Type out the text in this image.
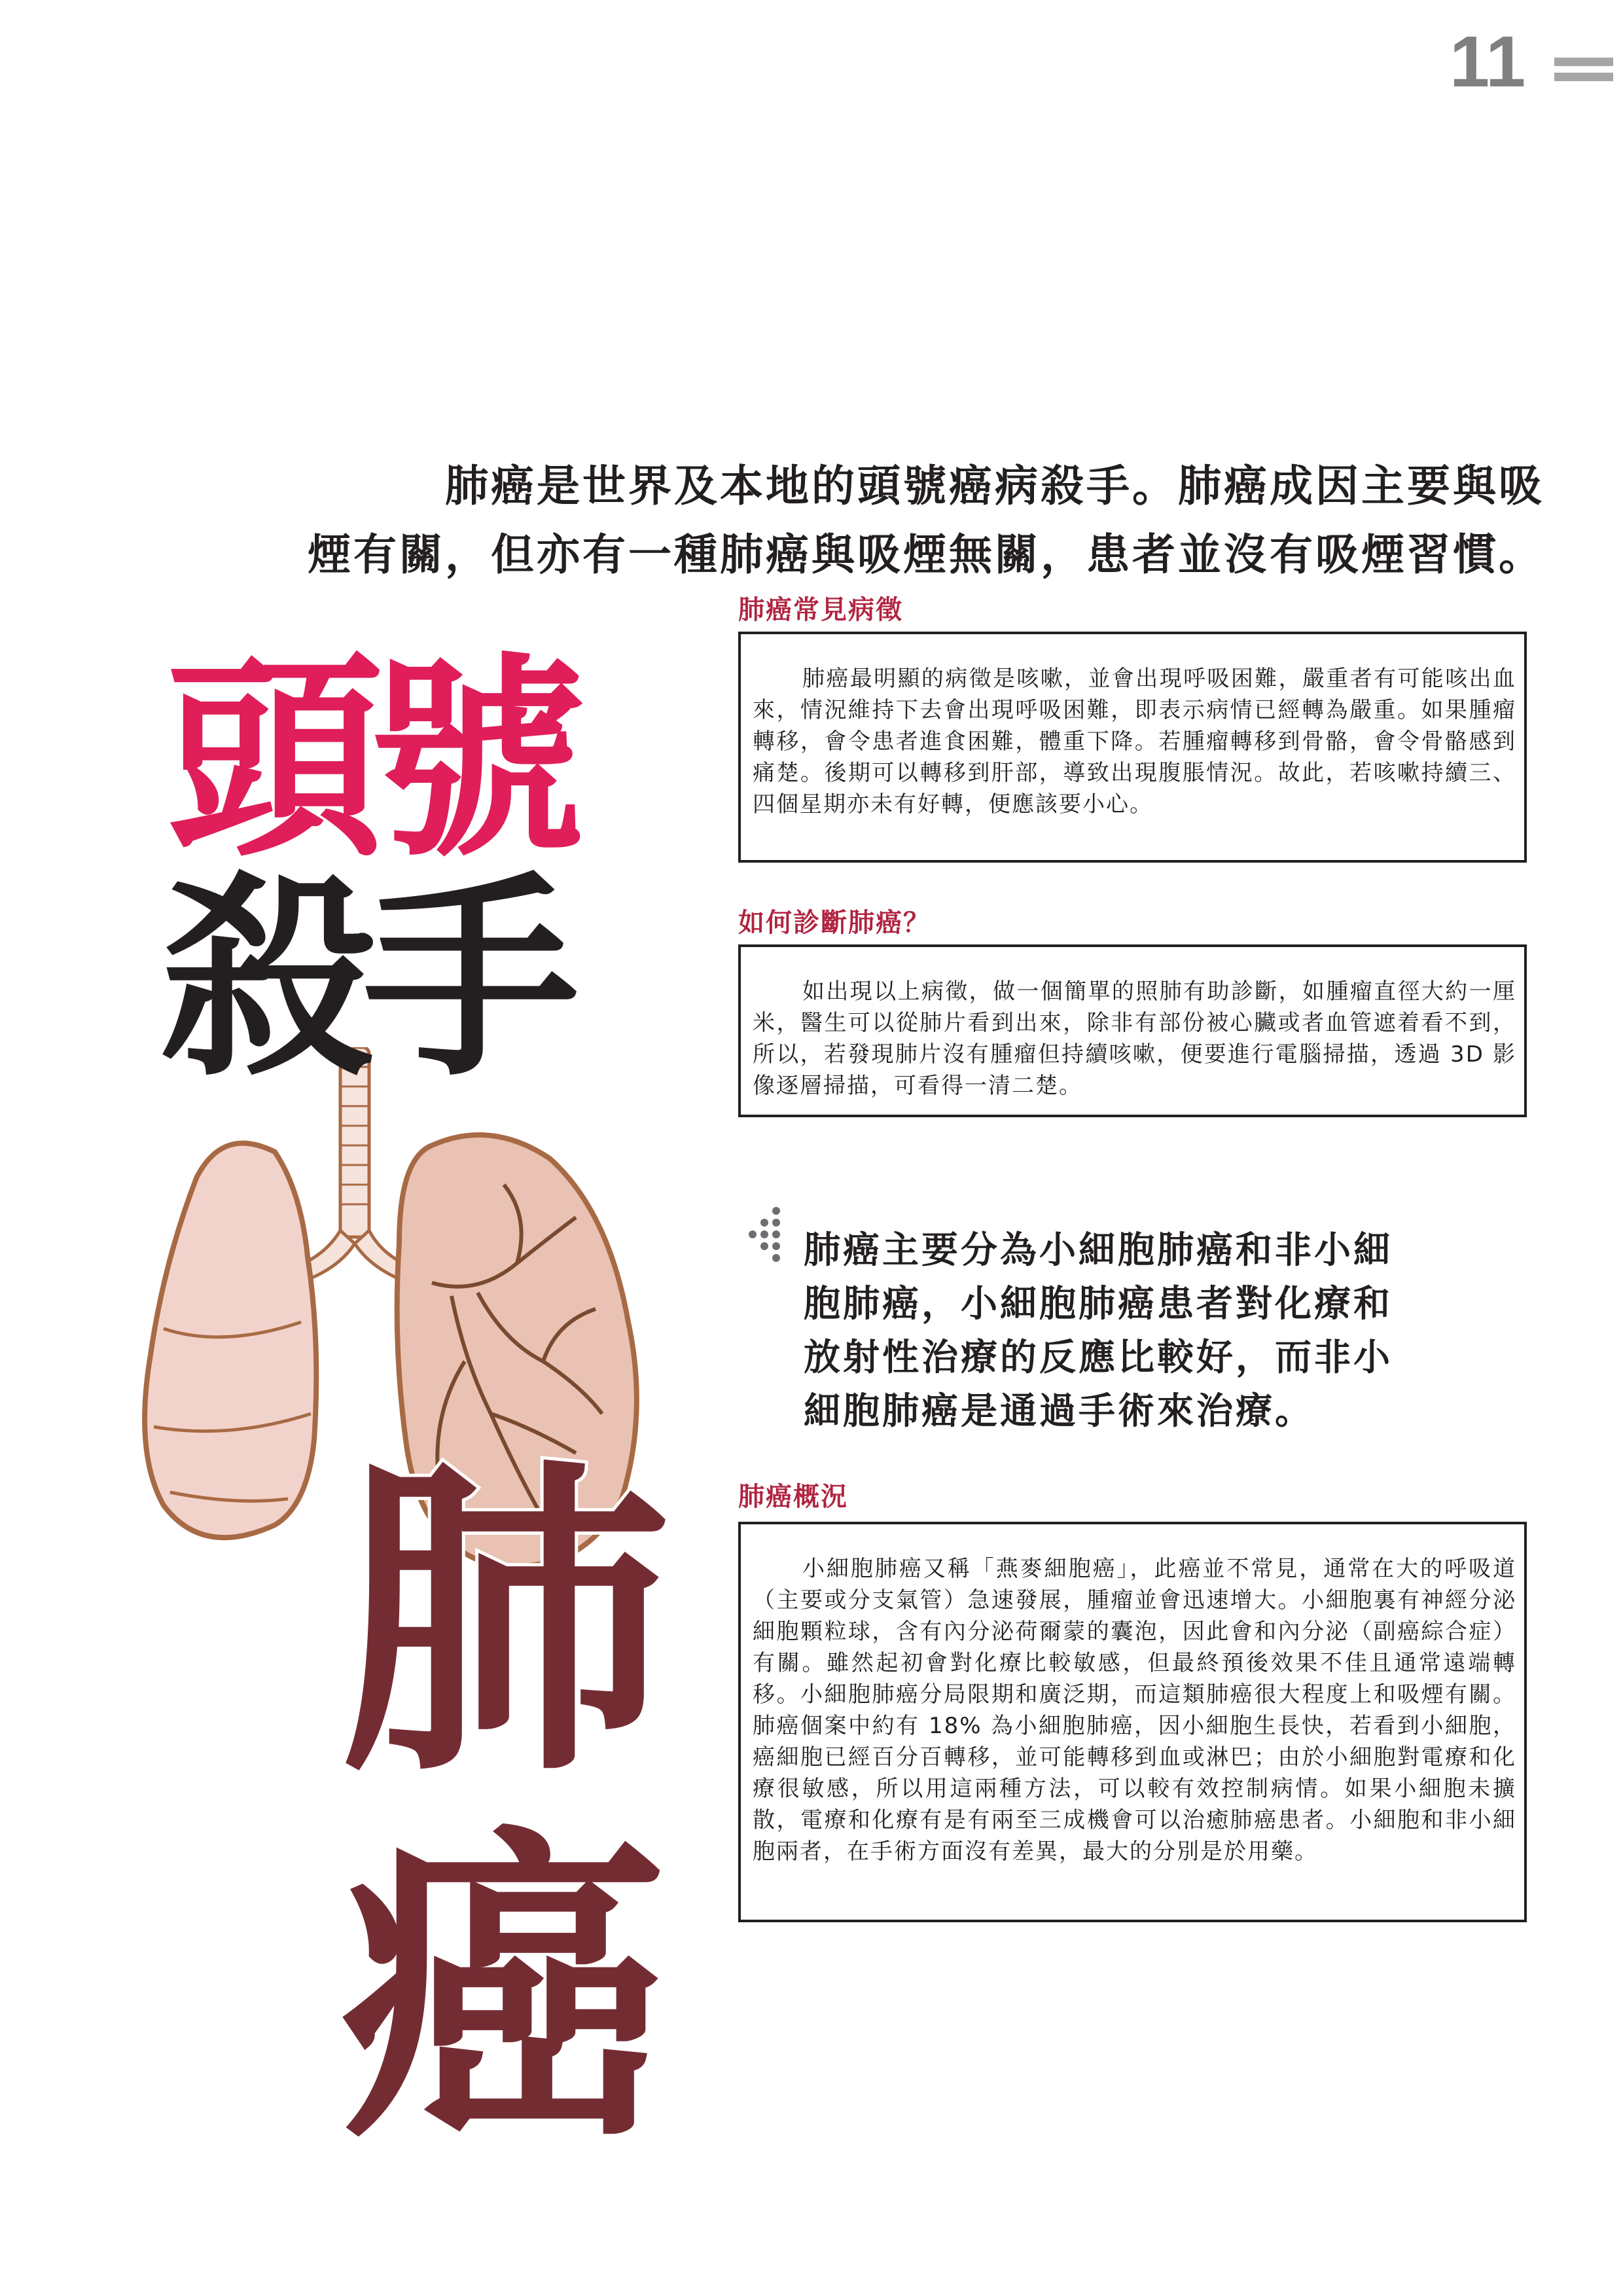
11
肺癌是世界及本地的頭號癌病殺手。肺癌成因主要與吸
煙有關，但亦有一種肺癌與吸煙無關，患者並沒有吸煙習慣。
頭號
殺手
肺
癌
肺癌常見病徵

肺癌最明顯的病徵是咳嗽，並會出現呼吸困難，嚴重者有可能咳出血來，情況維持下去會出現呼吸困難，即表示病情已經轉為嚴重。如果腫瘤轉移，會令患者進食困難，體重下降。若腫瘤轉移到骨骼，會令骨骼感到痛楚。後期可以轉移到肝部，導致出現腹脹情況。故此，若咳嗽持續三、四個星期亦未有好轉，便應該要小心。

如何診斷肺癌？

如出現以上病徵，做一個簡單的照肺有助診斷，如腫瘤直徑大約一厘米，醫生可以從肺片看到出來，除非有部份被心臟或者血管遮着看不到，所以，若發現肺片沒有腫瘤但持續咳嗽，便要進行電腦掃描，透過 3D 影像逐層掃描，可看得一清二楚。

肺癌主要分為小細胞肺癌和非小細
胞肺癌，小細胞肺癌患者對化療和
放射性治療的反應比較好，而非小
細胞肺癌是通過手術來治療。
肺癌概況

小細胞肺癌又稱「燕麥細胞癌」，此癌並不常見，通常在大的呼吸道（主要或分支氣管）急速發展，腫瘤並會迅速增大。小細胞裏有神經分泌細胞顆粒球，含有內分泌荷爾蒙的囊泡，因此會和內分泌（副癌綜合症）有關。雖然起初會對化療比較敏感，但最終預後效果不佳且通常遠端轉移。小細胞肺癌分局限期和廣泛期，而這類肺癌很大程度上和吸煙有關。肺癌個案中約有 18% 為小細胞肺癌，因小細胞生長快，若看到小細胞，癌細胞已經百分百轉移，並可能轉移到血或淋巴；由於小細胞對電療和化療很敏感，所以用這兩種方法，可以較有效控制病情。如果小細胞未擴散，電療和化療有是有兩至三成機會可以治癒肺癌患者。小細胞和非小細胞兩者，在手術方面沒有差異，最大的分別是於用藥。
